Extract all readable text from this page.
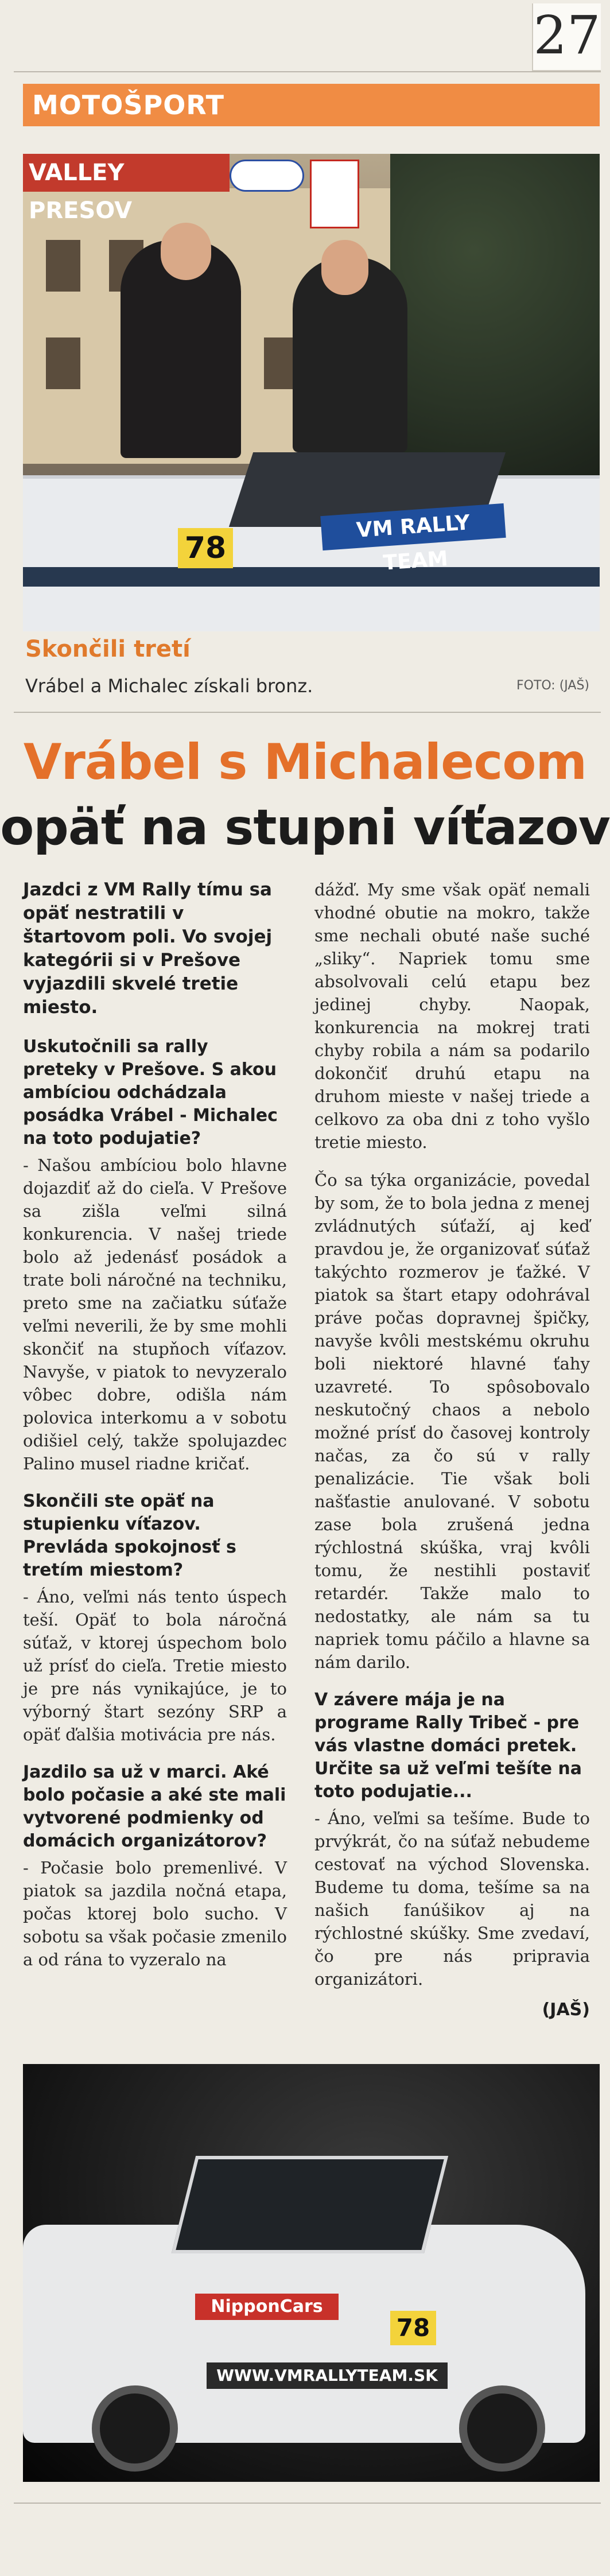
27
MOTOŠPORT
VALLEY PRESOV
78
VM RALLY TEAM
Skončili tretí
Vrábel a Michalec získali bronz.	FOTO: (JAŠ)
Vrábel s Michalecom
opäť na stupni víťazov

Jazdci z VM Rally tímu sa opäť nestratili v štartovom poli. Vo svojej kategórii si v Prešove vyjazdili skvelé tretie miesto.

Uskutočnili sa rally preteky v Prešove. S akou ambíciou odchádzala posádka Vrábel - Michalec na toto podujatie?

- Našou ambíciou bolo hlavne dojazdiť až do cieľa. V Prešove sa zišla veľmi silná konkurencia. V našej triede bolo až jedenásť posádok a trate boli náročné na techniku, preto sme na začiatku súťaže veľmi neverili, že by sme mohli skončiť na stupňoch víťazov. Navyše, v piatok to nevyzeralo vôbec dobre, odišla nám polovica interkomu a v sobotu odišiel celý, takže spolujazdec Palino musel riadne kričať.

Skončili ste opäť na stupienku víťazov. Prevláda spokojnosť s tretím miestom?

- Áno, veľmi nás tento úspech teší. Opäť to bola náročná súťaž, v ktorej úspechom bolo už prísť do cieľa. Tretie miesto je pre nás vynikajúce, je to výborný štart sezóny SRP a opäť ďalšia motivácia pre nás.

Jazdilo sa už v marci. Aké bolo počasie a aké ste mali vytvorené podmienky od domácich organizátorov?

- Počasie bolo premenlivé. V piatok sa jazdila nočná etapa, počas ktorej bolo sucho. V sobotu sa však počasie zmenilo a od rána to vyzeralo na

dážď. My sme však opäť nemali vhodné obutie na mokro, takže sme nechali obuté naše suché „sliky“. Napriek tomu sme absolvovali celú etapu bez jedinej chyby. Naopak, konkurencia na mokrej trati chyby robila a nám sa podarilo dokončiť druhú etapu na druhom mieste v našej triede a celkovo za oba dni z toho vyšlo tretie miesto.

Čo sa týka organizácie, povedal by som, že to bola jedna z menej zvládnutých súťaží, aj keď pravdou je, že organizovať súťaž takýchto rozmerov je ťažké. V piatok sa štart etapy odohrával práve počas dopravnej špičky, navyše kvôli mestskému okruhu boli niektoré hlavné ťahy uzavreté. To spôsobovalo neskutočný chaos a nebolo možné prísť do časovej kontroly načas, za čo sú v rally penalizácie. Tie však boli našťastie anulované. V sobotu zase bola zrušená jedna rýchlostná skúška, vraj kvôli tomu, že nestihli postaviť retardér. Takže malo to nedostatky, ale nám sa tu napriek tomu páčilo a hlavne sa nám darilo.

V závere mája je na programe Rally Tribeč - pre vás vlastne domáci pretek. Určite sa už veľmi tešíte na toto podujatie...

- Áno, veľmi sa tešíme. Bude to prvýkrát, čo na súťaž nebudeme cestovať na východ Slovenska. Budeme tu doma, tešíme sa na našich fanúšikov aj na rýchlostné skúšky. Sme zvedaví, čo pre nás pripravia organizátori.

(JAŠ)

NipponCars
78
WWW.VMRALLYTEAM.SK
